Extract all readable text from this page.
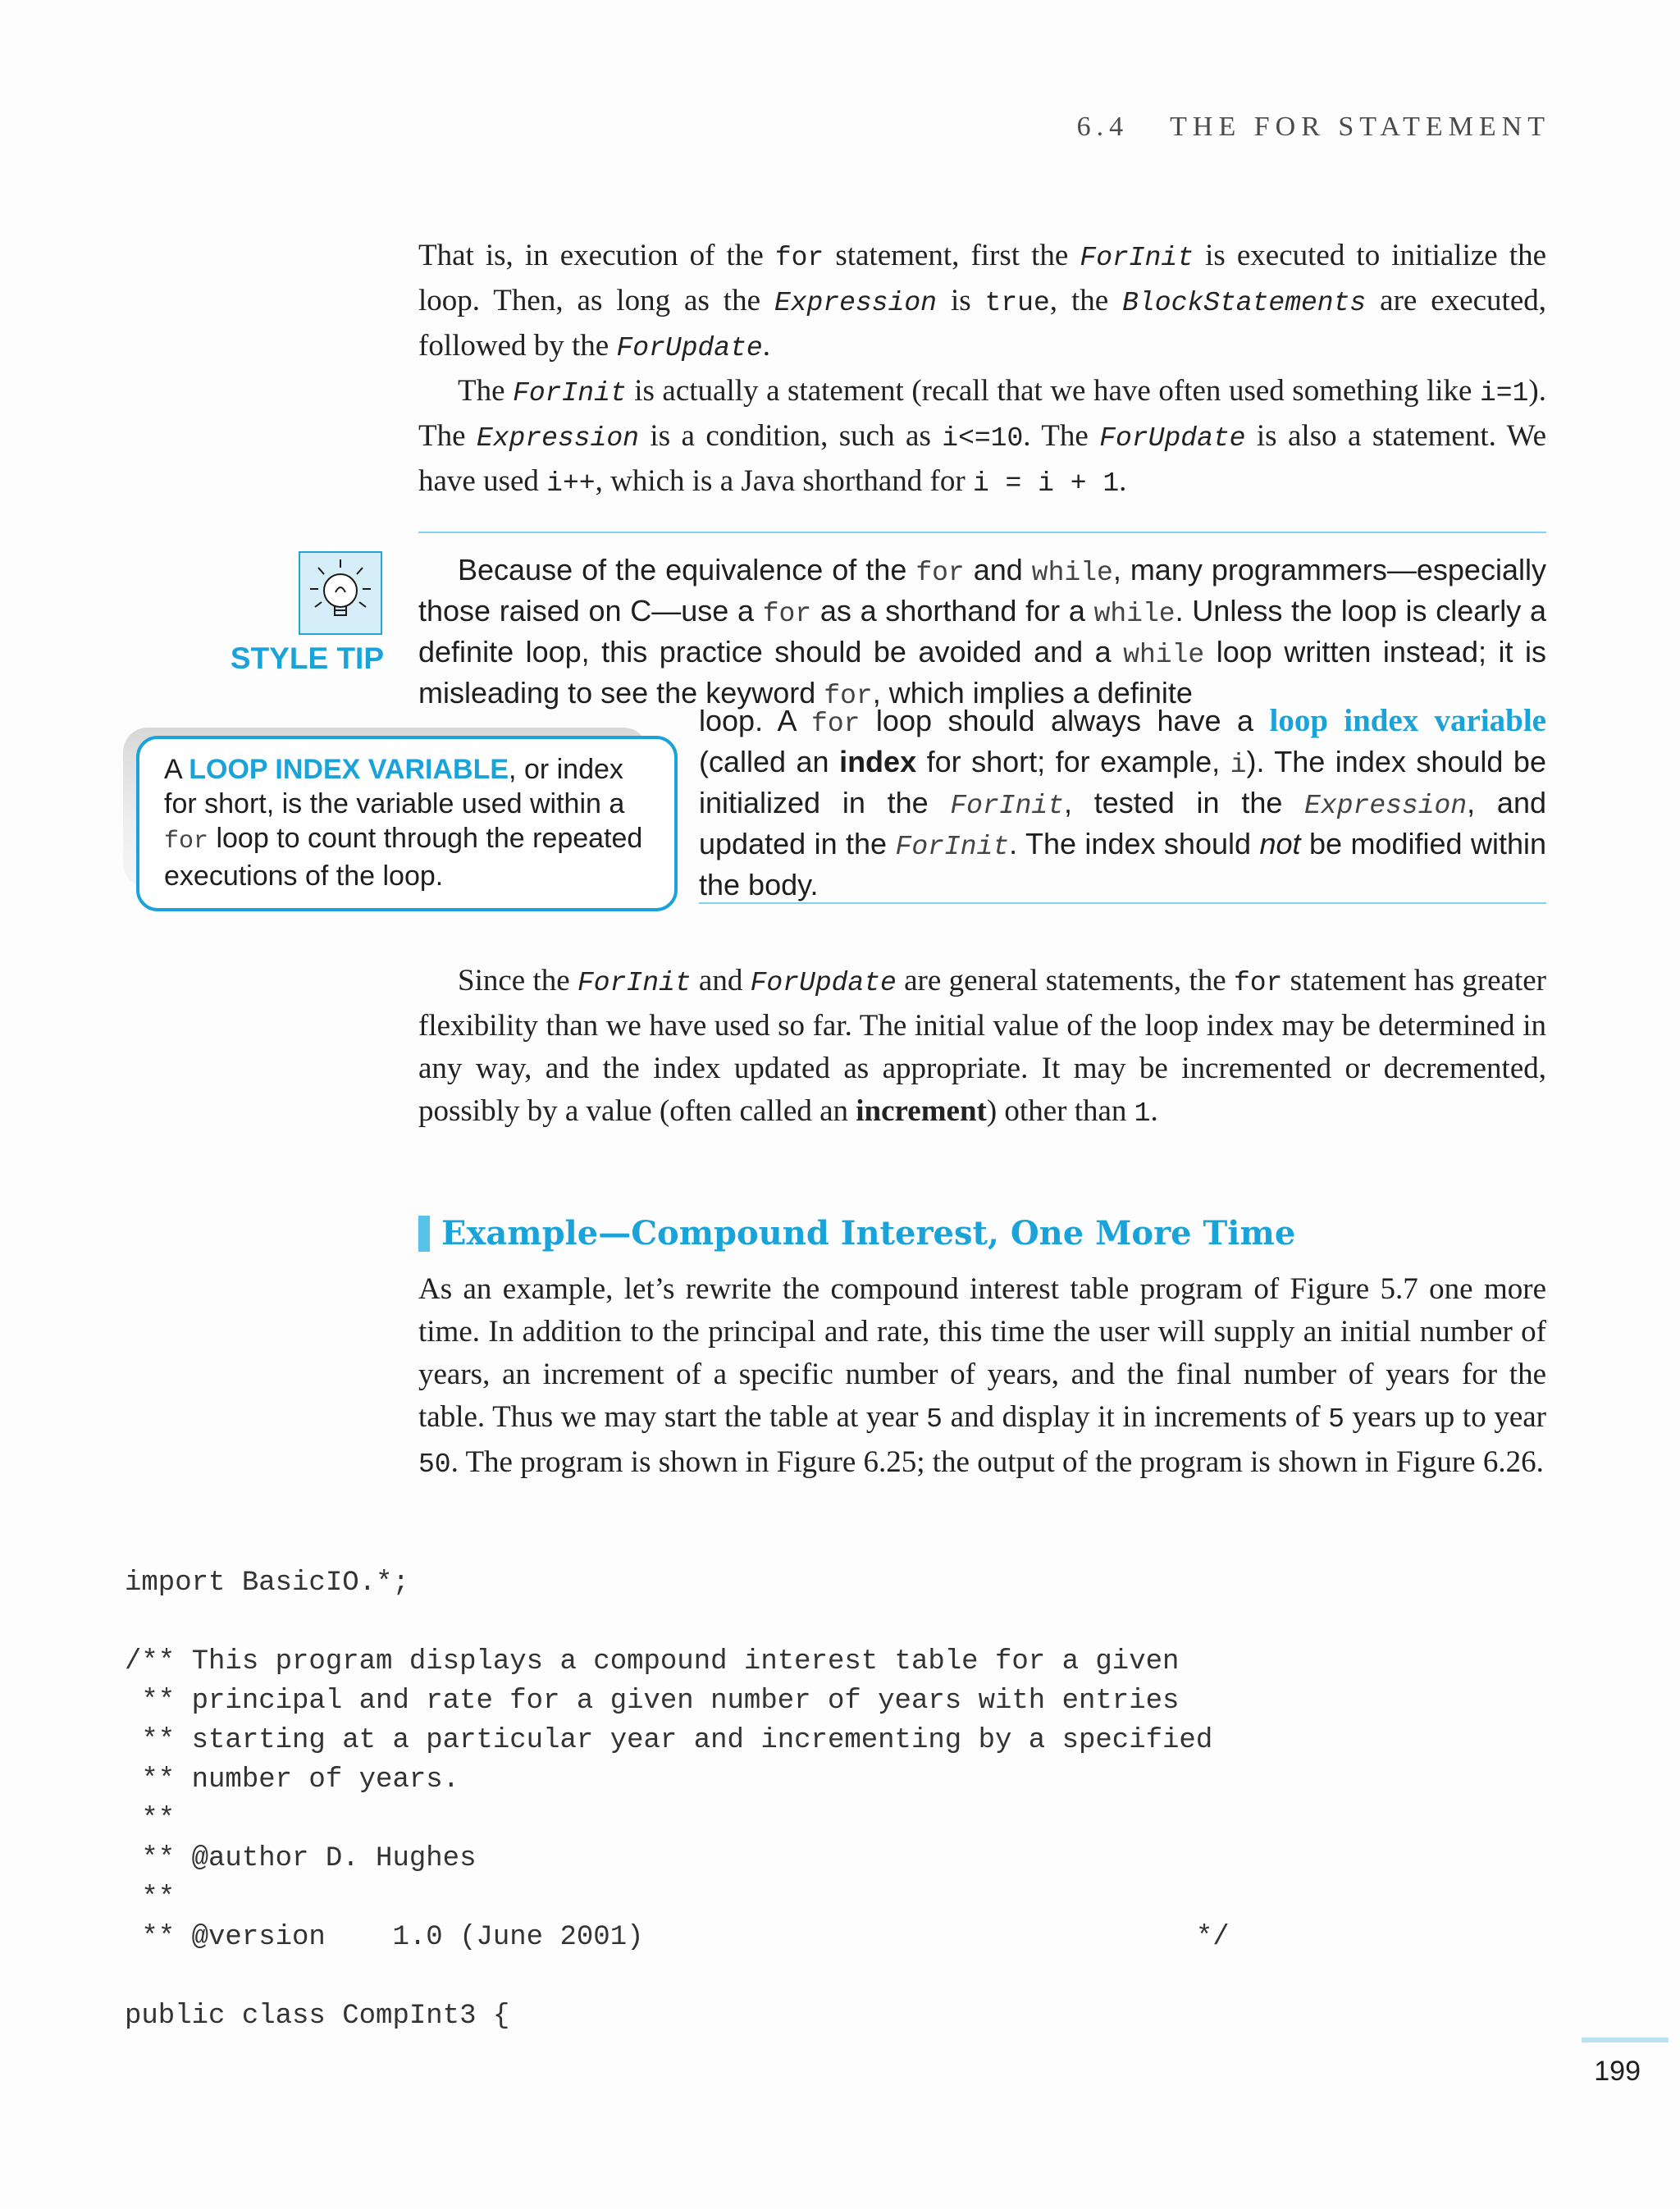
6.4 THE FOR STATEMENT

That is, in execution of the for statement, first the ForInit is executed to initialize the loop. Then, as long as the Expression is true, the BlockStatements are executed, followed by the ForUpdate.

The ForInit is actually a statement (recall that we have often used something like i=1). The Expression is a condition, such as i<=10. The ForUpdate is also a statement. We have used i++, which is a Java shorthand for i = i + 1.

STYLE TIP

Because of the equivalence of the for and while, many programmers—especially those raised on C—use a for as a shorthand for a while. Unless the loop is clearly a definite loop, this practice should be avoided and a while loop written instead; it is misleading to see the keyword for, which implies a definite

loop. A for loop should always have a loop index variable (called an index for short; for example, i). The index should be initialized in the ForInit, tested in the Expression, and updated in the ForInit. The index should not be modified within the body.

A LOOP INDEX VARIABLE, or index for short, is the variable used within a for loop to count through the repeated executions of the loop.

Since the ForInit and ForUpdate are general statements, the for statement has greater flexibility than we have used so far. The initial value of the loop index may be determined in any way, and the index updated as appropriate. It may be incremented or decremented, possibly by a value (often called an increment) other than 1.

Example—Compound Interest, One More Time

As an example, let’s rewrite the compound interest table program of Figure 5.7 one more time. In addition to the principal and rate, this time the user will supply an initial number of years, an increment of a specific number of years, and the final number of years for the table. Thus we may start the table at year 5 and display it in increments of 5 years up to year 50. The program is shown in Figure 6.25; the output of the program is shown in Figure 6.26.

import BasicIO.*;
/** This program displays a compound interest table for a given
** principal and rate for a given number of years with entries
** starting at a particular year and incrementing by a specified
** number of years.
**
** @author D. Hughes
**
** @version    1.0 (June 2001)                                 */
public class CompInt3 {
199
